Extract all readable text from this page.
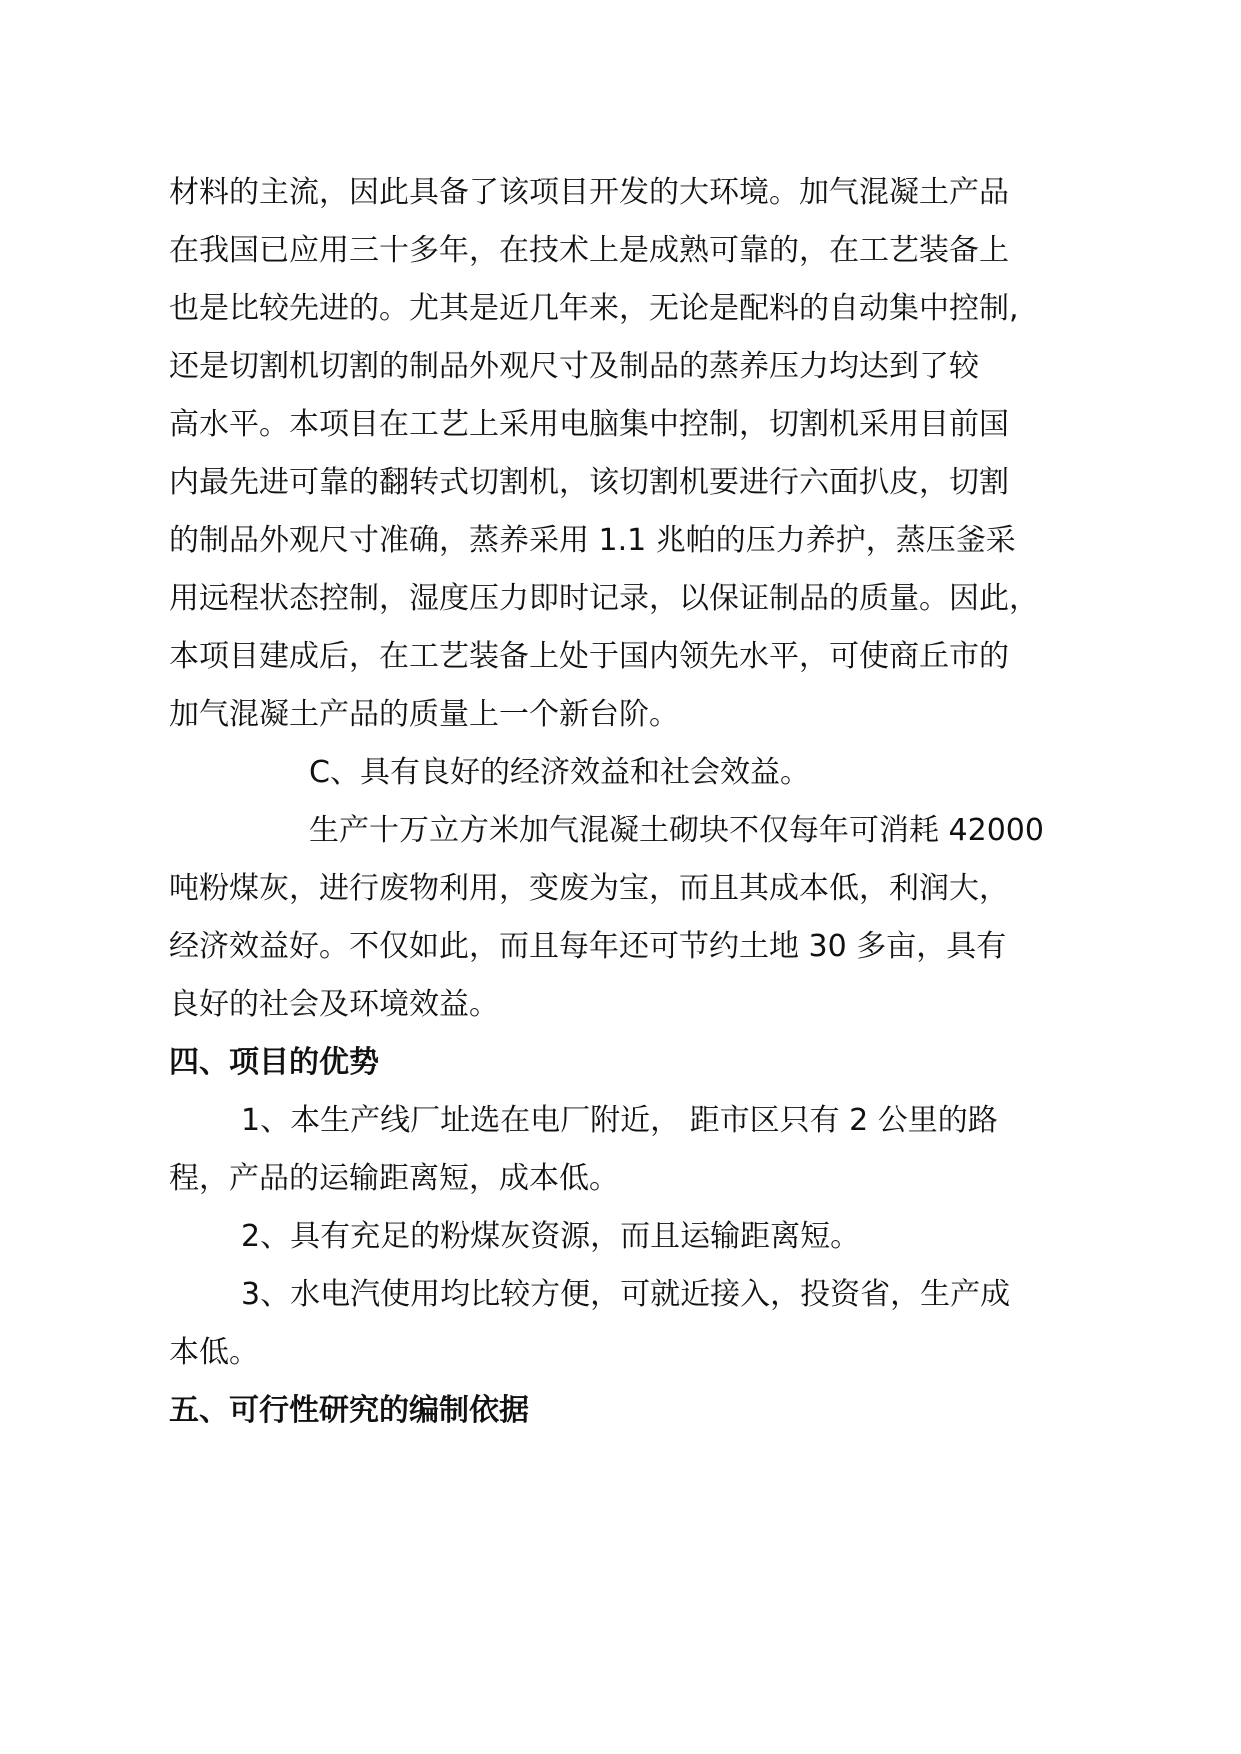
材料的主流，因此具备了该项目开发的大环境。加气混凝土产品
在我国已应用三十多年，在技术上是成熟可靠的，在工艺装备上
也是比较先进的。尤其是近几年来，无论是配料的自动集中控制,
还是切割机切割的制品外观尺寸及制品的蒸养压力均达到了较
高水平。本项目在工艺上采用电脑集中控制，切割机采用目前国
内最先进可靠的翻转式切割机，该切割机要进行六面扒皮，切割
的制品外观尺寸准确，蒸养采用 1.1 兆帕的压力养护，蒸压釜采
用远程状态控制，湿度压力即时记录，以保证制品的质量。因此，
本项目建成后，在工艺装备上处于国内领先水平，可使商丘市的
加气混凝土产品的质量上一个新台阶。
C、具有良好的经济效益和社会效益。
生产十万立方米加气混凝土砌块不仅每年可消耗 42000
吨粉煤灰，进行废物利用，变废为宝，而且其成本低，利润大，
经济效益好。不仅如此，而且每年还可节约土地 30 多亩，具有
良好的社会及环境效益。
四、项目的优势
1、本生产线厂址选在电厂附近， 距市区只有 2 公里的路
程，产品的运输距离短，成本低。
2、具有充足的粉煤灰资源，而且运输距离短。
3、水电汽使用均比较方便，可就近接入，投资省，生产成
本低。
五、可行性研究的编制依据
